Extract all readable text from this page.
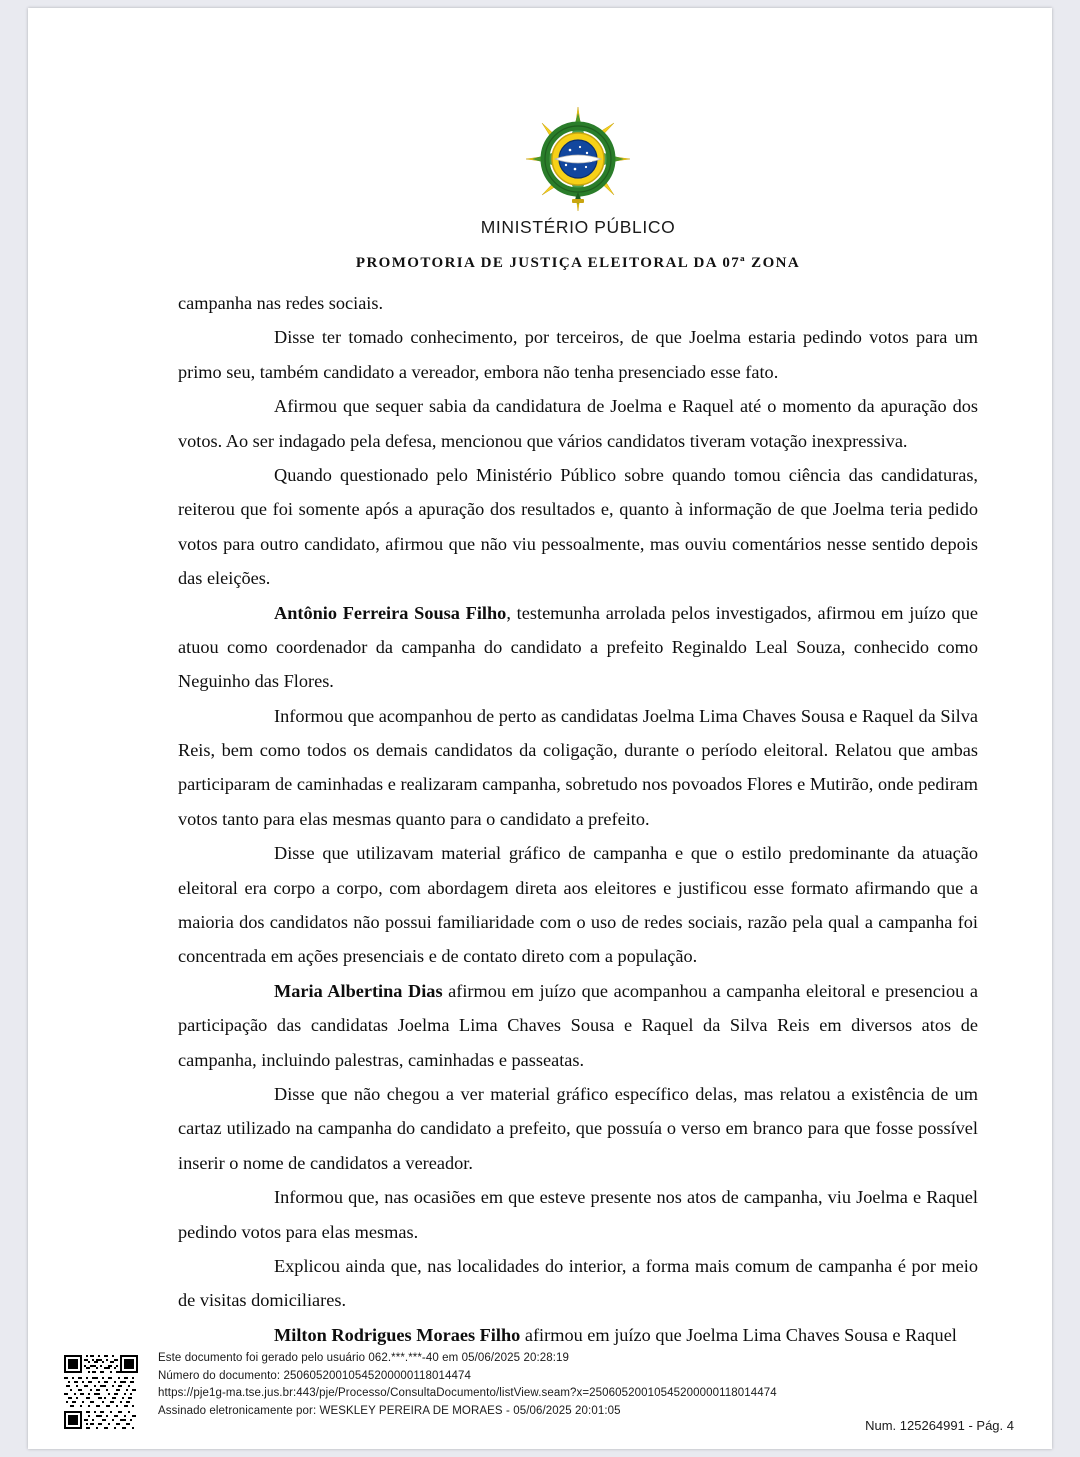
MINISTÉRIO PÚBLICO
PROMOTORIA DE JUSTIÇA ELEITORAL DA 07ª ZONA

campanha nas redes sociais.

Disse ter tomado conhecimento, por terceiros, de que Joelma estaria pedindo votos para um primo seu, também candidato a vereador, embora não tenha presenciado esse fato.

Afirmou que sequer sabia da candidatura de Joelma e Raquel até o momento da apuração dos votos. Ao ser indagado pela defesa, mencionou que vários candidatos tiveram votação inexpressiva.

Quando questionado pelo Ministério Público sobre quando tomou ciência das candidaturas, reiterou que foi somente após a apuração dos resultados e, quanto à informação de que Joelma teria pedido votos para outro candidato, afirmou que não viu pessoalmente, mas ouviu comentários nesse sentido depois das eleições.

Antônio Ferreira Sousa Filho, testemunha arrolada pelos investigados, afirmou em juízo que atuou como coordenador da campanha do candidato a prefeito Reginaldo Leal Souza, conhecido como Neguinho das Flores.

Informou que acompanhou de perto as candidatas Joelma Lima Chaves Sousa e Raquel da Silva Reis, bem como todos os demais candidatos da coligação, durante o período eleitoral. Relatou que ambas participaram de caminhadas e realizaram campanha, sobretudo nos povoados Flores e Mutirão, onde pediram votos tanto para elas mesmas quanto para o candidato a prefeito.

Disse que utilizavam material gráfico de campanha e que o estilo predominante da atuação eleitoral era corpo a corpo, com abordagem direta aos eleitores e justificou esse formato afirmando que a maioria dos candidatos não possui familiaridade com o uso de redes sociais, razão pela qual a campanha foi concentrada em ações presenciais e de contato direto com a população.

Maria Albertina Dias afirmou em juízo que acompanhou a campanha eleitoral e presenciou a participação das candidatas Joelma Lima Chaves Sousa e Raquel da Silva Reis em diversos atos de campanha, incluindo palestras, caminhadas e passeatas.

Disse que não chegou a ver material gráfico específico delas, mas relatou a existência de um cartaz utilizado na campanha do candidato a prefeito, que possuía o verso em branco para que fosse possível inserir o nome de candidatos a vereador.

Informou que, nas ocasiões em que esteve presente nos atos de campanha, viu Joelma e Raquel pedindo votos para elas mesmas.

Explicou ainda que, nas localidades do interior, a forma mais comum de campanha é por meio de visitas domiciliares.

Milton Rodrigues Moraes Filho afirmou em juízo que Joelma Lima Chaves Sousa e Raquel

Este documento foi gerado pelo usuário 062.***.***-40 em 05/06/2025 20:28:19
Número do documento: 25060520010545200000118014474
https://pje1g-ma.tse.jus.br:443/pje/Processo/ConsultaDocumento/listView.seam?x=25060520010545200000118014474
Assinado eletronicamente por: WESKLEY PEREIRA DE MORAES - 05/06/2025 20:01:05
Num. 125264991 - Pág. 4
